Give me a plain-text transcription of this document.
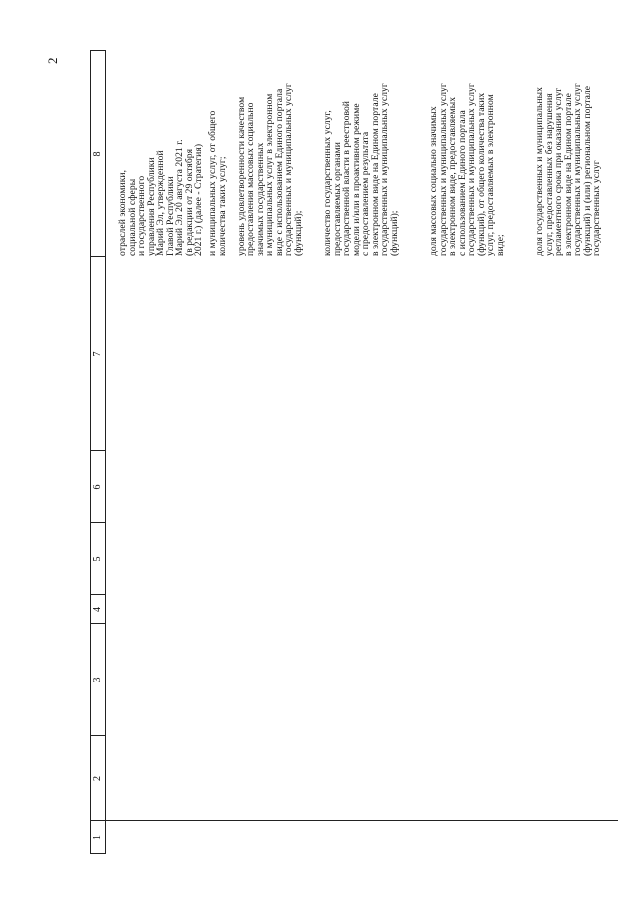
2
1
2
3
4
5
6
7
8
отраслей экономики,
социальной сферы
и государственного
управления Республики
Марий Эл, утвержденной
Главой Республики
Марий Эл 20 августа 2021 г.
(в редакции от 29 октября
2021 г.) (далее - Стратегия) и муниципальных услуг, от общего
количества таких услуг;
уровень удовлетворенности качеством
предоставления массовых социально
значимых государственных
и муниципальных услуг в электронном
виде с использованием Единого портала
государственных и муниципальных услуг
(функций); количество государственных услуг,
предоставляемых органами
государственной власти в реестровой
модели и/или в проактивном режиме
с предоставлением результата
в электронном виде на Едином портале
государственных и муниципальных услуг
(функций);	доля массовых социально значимых
государственных и муниципальных услуг
в электронном виде, предоставляемых
с использованием Единого портала
государственных и муниципальных услуг
(функций), от общего количества таких
услуг, предоставляемых в электронном
виде;	доля государственных и муниципальных
услуг, предоставленных без нарушения
регламентного срока при оказании услуг
в электронном виде на Едином портале
государственных и муниципальных услуг
(функций) и (или) региональном портале
государственных услуг
